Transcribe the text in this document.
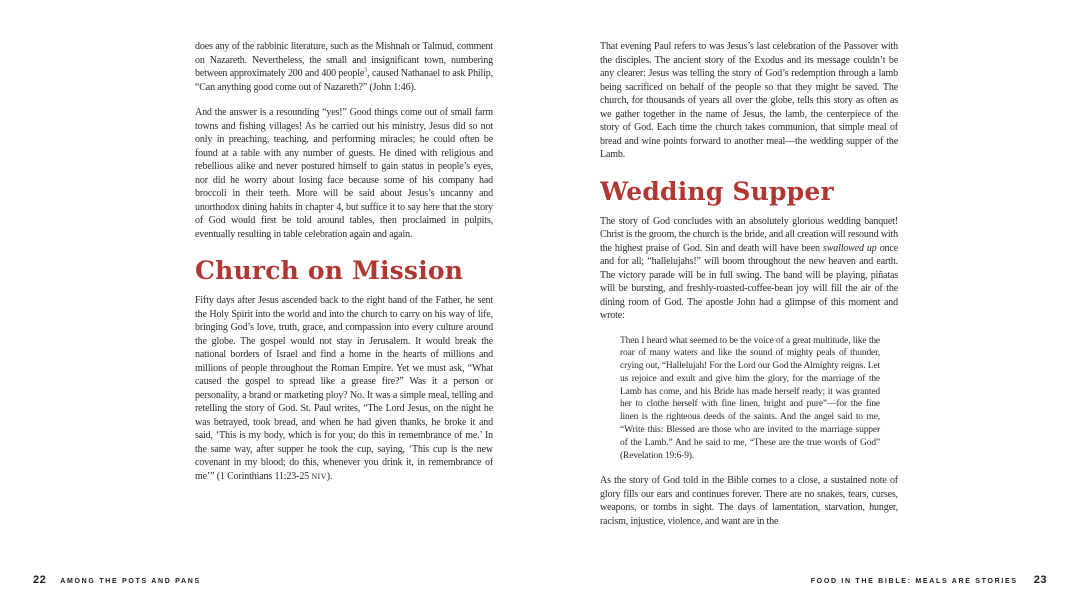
does any of the rabbinic literature, such as the Mishnah or Talmud, comment on Nazareth. Nevertheless, the small and insignificant town, numbering between approximately 200 and 400 people$^3$, caused Nathanael to ask Philip, “Can anything good come out of Nazareth?” (John 1:46).

And the answer is a resounding “yes!” Good things come out of small farm towns and fishing villages! As he carried out his ministry, Jesus did so not only in preaching, teaching, and performing miracles; he could often be found at a table with any number of guests. He dined with religious and rebellious alike and never postured himself to gain status in people’s eyes, nor did he worry about losing face because some of his company had broccoli in their teeth. More will be said about Jesus’s uncanny and unorthodox dining habits in chapter 4, but suffice it to say here that the story of God would first be told around tables, then proclaimed in pulpits, eventually resulting in table celebration again and again.

Church on Mission

Fifty days after Jesus ascended back to the right hand of the Father, he sent the Holy Spirit into the world and into the church to carry on his way of life, bringing God’s love, truth, grace, and compassion into every culture around the globe. The gospel would not stay in Jerusalem. It would break the national borders of Israel and find a home in the hearts of millions and millions of people throughout the Roman Empire. Yet we must ask, “What caused the gospel to spread like a grease fire?” Was it a person or personality, a brand or marketing ploy? No. It was a simple meal, telling and retelling the story of God. St. Paul writes, “The Lord Jesus, on the night he was betrayed, took bread, and when he had given thanks, he broke it and said, ‘This is my body, which is for you; do this in remembrance of me.’ In the same way, after supper he took the cup, saying, ‘This cup is the new covenant in my blood; do this, whenever you drink it, in remembrance of me’” (1 Corinthians 11:23-25 NIV).

22 AMONG THE POTS AND PANS

That evening Paul refers to was Jesus’s last celebration of the Passover with the disciples. The ancient story of the Exodus and its message couldn’t be any clearer: Jesus was telling the story of God’s redemption through a lamb being sacrificed on behalf of the people so that they might be saved. The church, for thousands of years all over the globe, tells this story as often as we gather together in the name of Jesus, the lamb, the centerpiece of the story of God. Each time the church takes communion, that simple meal of bread and wine points forward to another meal—the wedding supper of the Lamb.

Wedding Supper

The story of God concludes with an absolutely glorious wedding banquet! Christ is the groom, the church is the bride, and all creation will resound with the highest praise of God. Sin and death will have been swallowed up once and for all; “hallelujahs!” will boom throughout the new heaven and earth. The victory parade will be in full swing. The band will be playing, piñatas will be bursting, and freshly-roasted-coffee-bean joy will fill the air of the dining room of God. The apostle John had a glimpse of this moment and wrote:

Then I heard what seemed to be the voice of a great multitude, like the roar of many waters and like the sound of mighty peals of thunder, crying out, “Hallelujah! For the Lord our God the Almighty reigns. Let us rejoice and exult and give him the glory, for the marriage of the Lamb has come, and his Bride has made herself ready; it was granted her to clothe herself with fine linen, bright and pure”—for the fine linen is the righteous deeds of the saints. And the angel said to me, “Write this: Blessed are those who are invited to the marriage supper of the Lamb.” And he said to me, “These are the true words of God” (Revelation 19:6-9).

As the story of God told in the Bible comes to a close, a sustained note of glory fills our ears and continues forever. There are no snakes, tears, curses, weapons, or tombs in sight. The days of lamentation, starvation, hunger, racism, injustice, violence, and want are in the

FOOD IN THE BIBLE: MEALS ARE STORIES 23
